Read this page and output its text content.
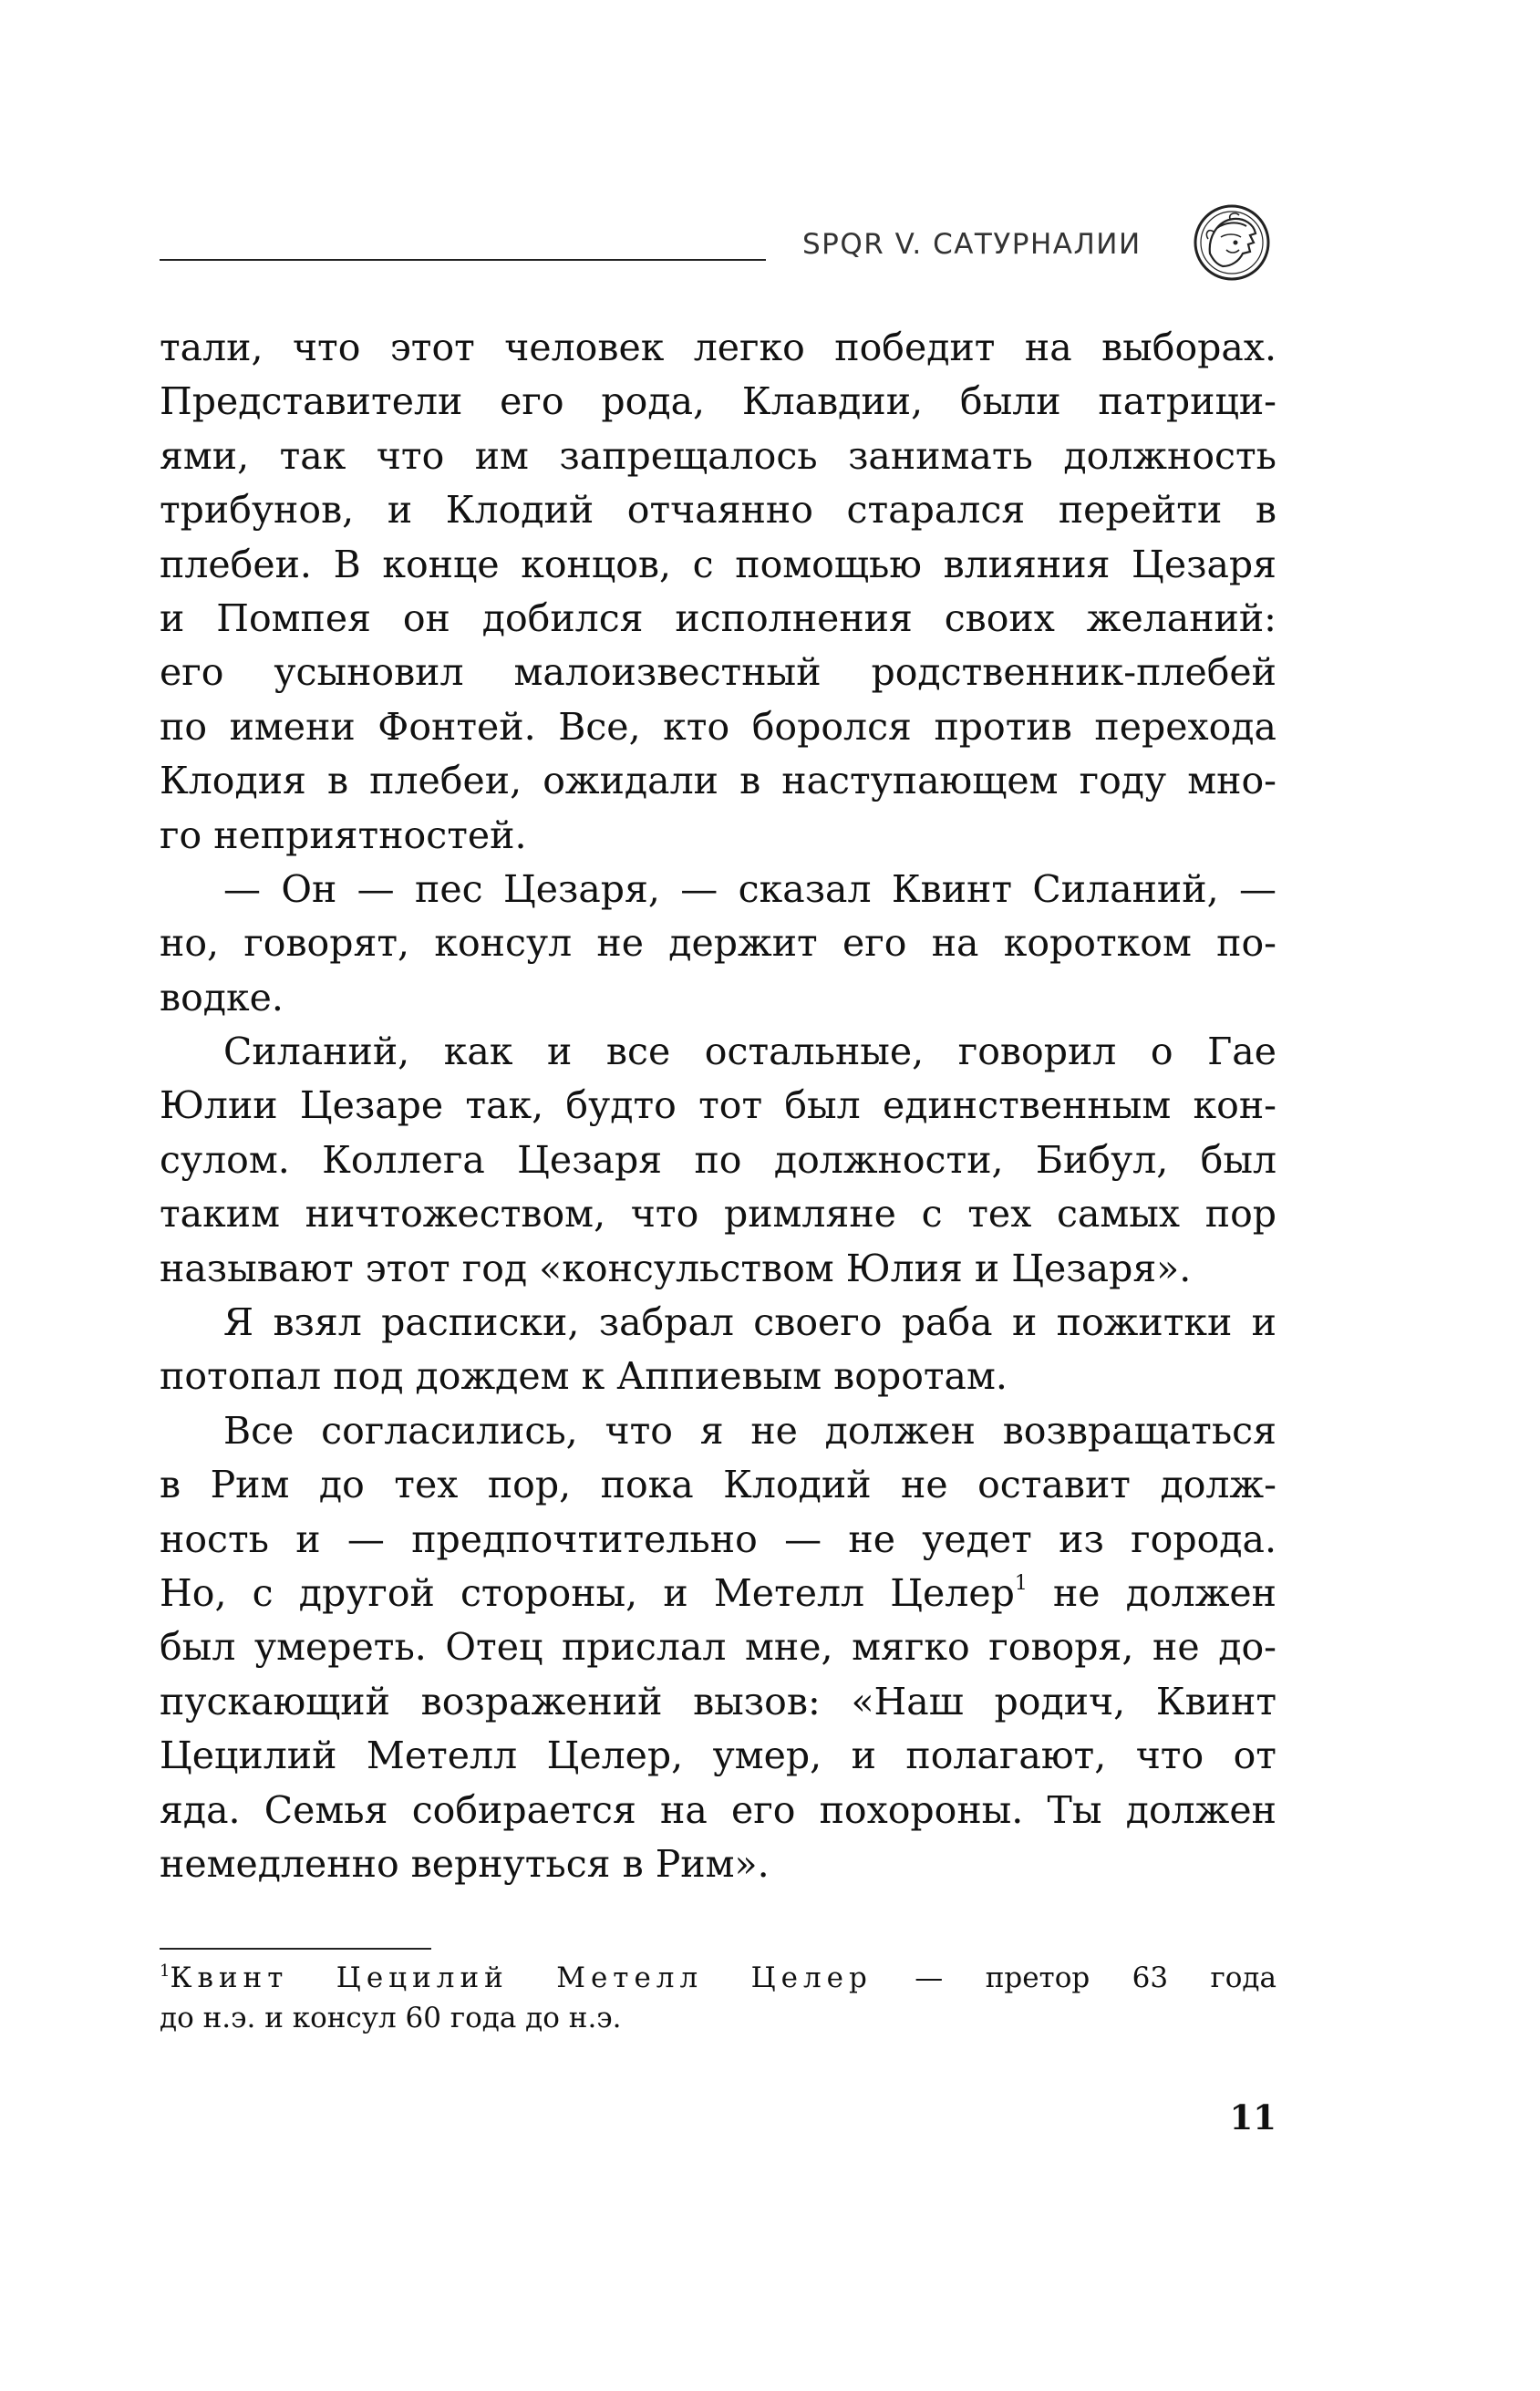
SPQR V. САТУРНАЛИИ
тали, что этот человек легко победит на выборах.
Представители его рода, Клавдии, были патрици-
ями, так что им запрещалось занимать должность
трибунов, и Клодий отчаянно старался перейти в
плебеи. В конце концов, с помощью влияния Цезаря
и Помпея он добился исполнения своих желаний:
его усыновил малоизвестный родственник-плебей
по имени Фонтей. Все, кто боролся против перехода
Клодия в плебеи, ожидали в наступающем году мно-
го неприятностей.
— Он — пес Цезаря, — сказал Квинт Силаний, —
но, говорят, консул не держит его на коротком по-
водке.
Силаний, как и все остальные, говорил о Гае
Юлии Цезаре так, будто тот был единственным кон-
сулом. Коллега Цезаря по должности, Бибул, был
таким ничтожеством, что римляне с тех самых пор
называют этот год «консульством Юлия и Цезаря».
Я взял расписки, забрал своего раба и пожитки и
потопал под дождем к Аппиевым воротам.
Все согласились, что я не должен возвращаться
в Рим до тех пор, пока Клодий не оставит долж-
ность и — предпочтительно — не уедет из города.
Но, с другой стороны, и Метелл Целер$^1$ не должен
был умереть. Отец прислал мне, мягко говоря, не до-
пускающий возражений вызов: «Наш родич, Квинт
Цецилий Метелл Целер, умер, и полагают, что от
яда. Семья собирается на его похороны. Ты должен
немедленно вернуться в Рим».
$^1$Квинт Цецилий Метелл Целер — претор 63 года
до н.э. и консул 60 года до н.э.
11
